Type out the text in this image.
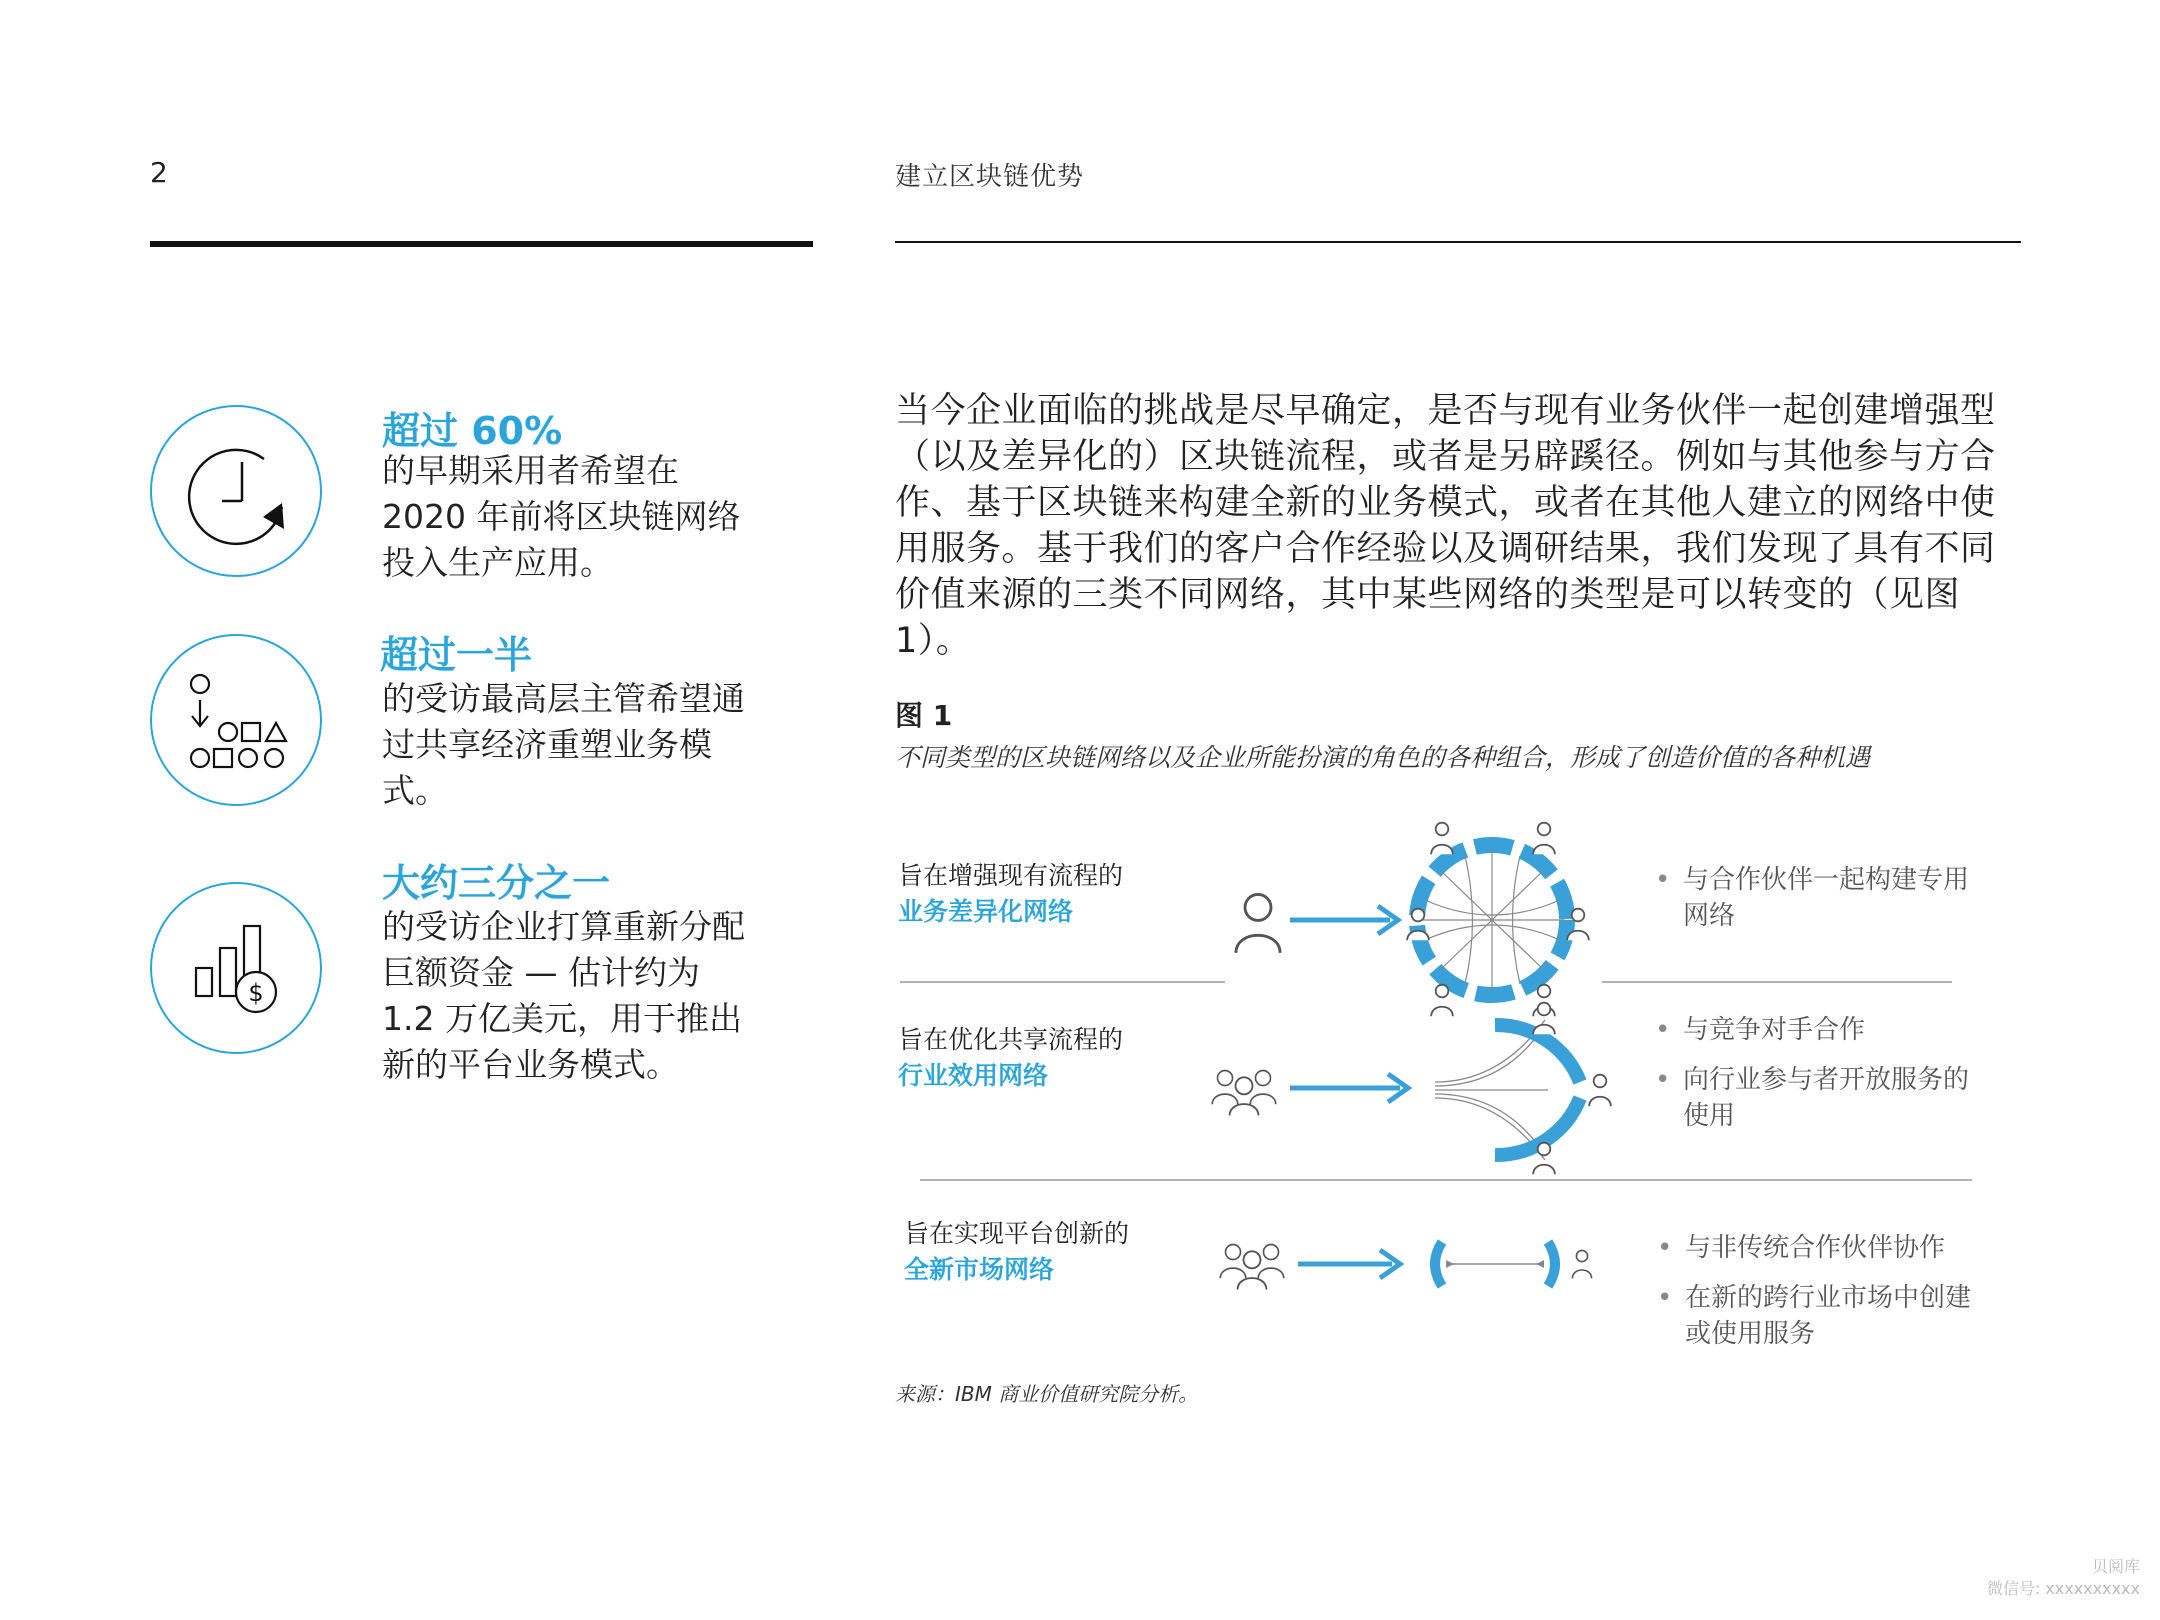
2	建立区块链优势
超过 60%
的早期采用者希望在 2020 年前将区块链网络投入生产应用。
超过一半
的受访最高层主管希望通过共享经济重塑业务模式。
$
大约三分之一
的受访企业打算重新分配巨额资金 — 估计约为 1.2 万亿美元，用于推出新的平台业务模式。
当今企业面临的挑战是尽早确定，是否与现有业务伙伴一起创建增强型（以及差异化的）区块链流程，或者是另辟蹊径。例如与其他参与方合作、基于区块链来构建全新的业务模式，或者在其他人建立的网络中使用服务。基于我们的客户合作经验以及调研结果，我们发现了具有不同价值来源的三类不同网络，其中某些网络的类型是可以转变的（见图 1）。
图 1
不同类型的区块链网络以及企业所能扮演的角色的各种组合，形成了创造价值的各种机遇
旨在增强现有流程的
业务差异化网络
旨在优化共享流程的
行业效用网络
旨在实现平台创新的
全新市场网络
• 与合作伙伴一起构建专用网络
• 与竞争对手合作
• 向行业参与者开放服务的使用
• 与非传统合作伙伴协作
• 在新的跨行业市场中创建或使用服务
来源：IBM 商业价值研究院分析。
贝阅库
微信号: xxxxxxxxxx
